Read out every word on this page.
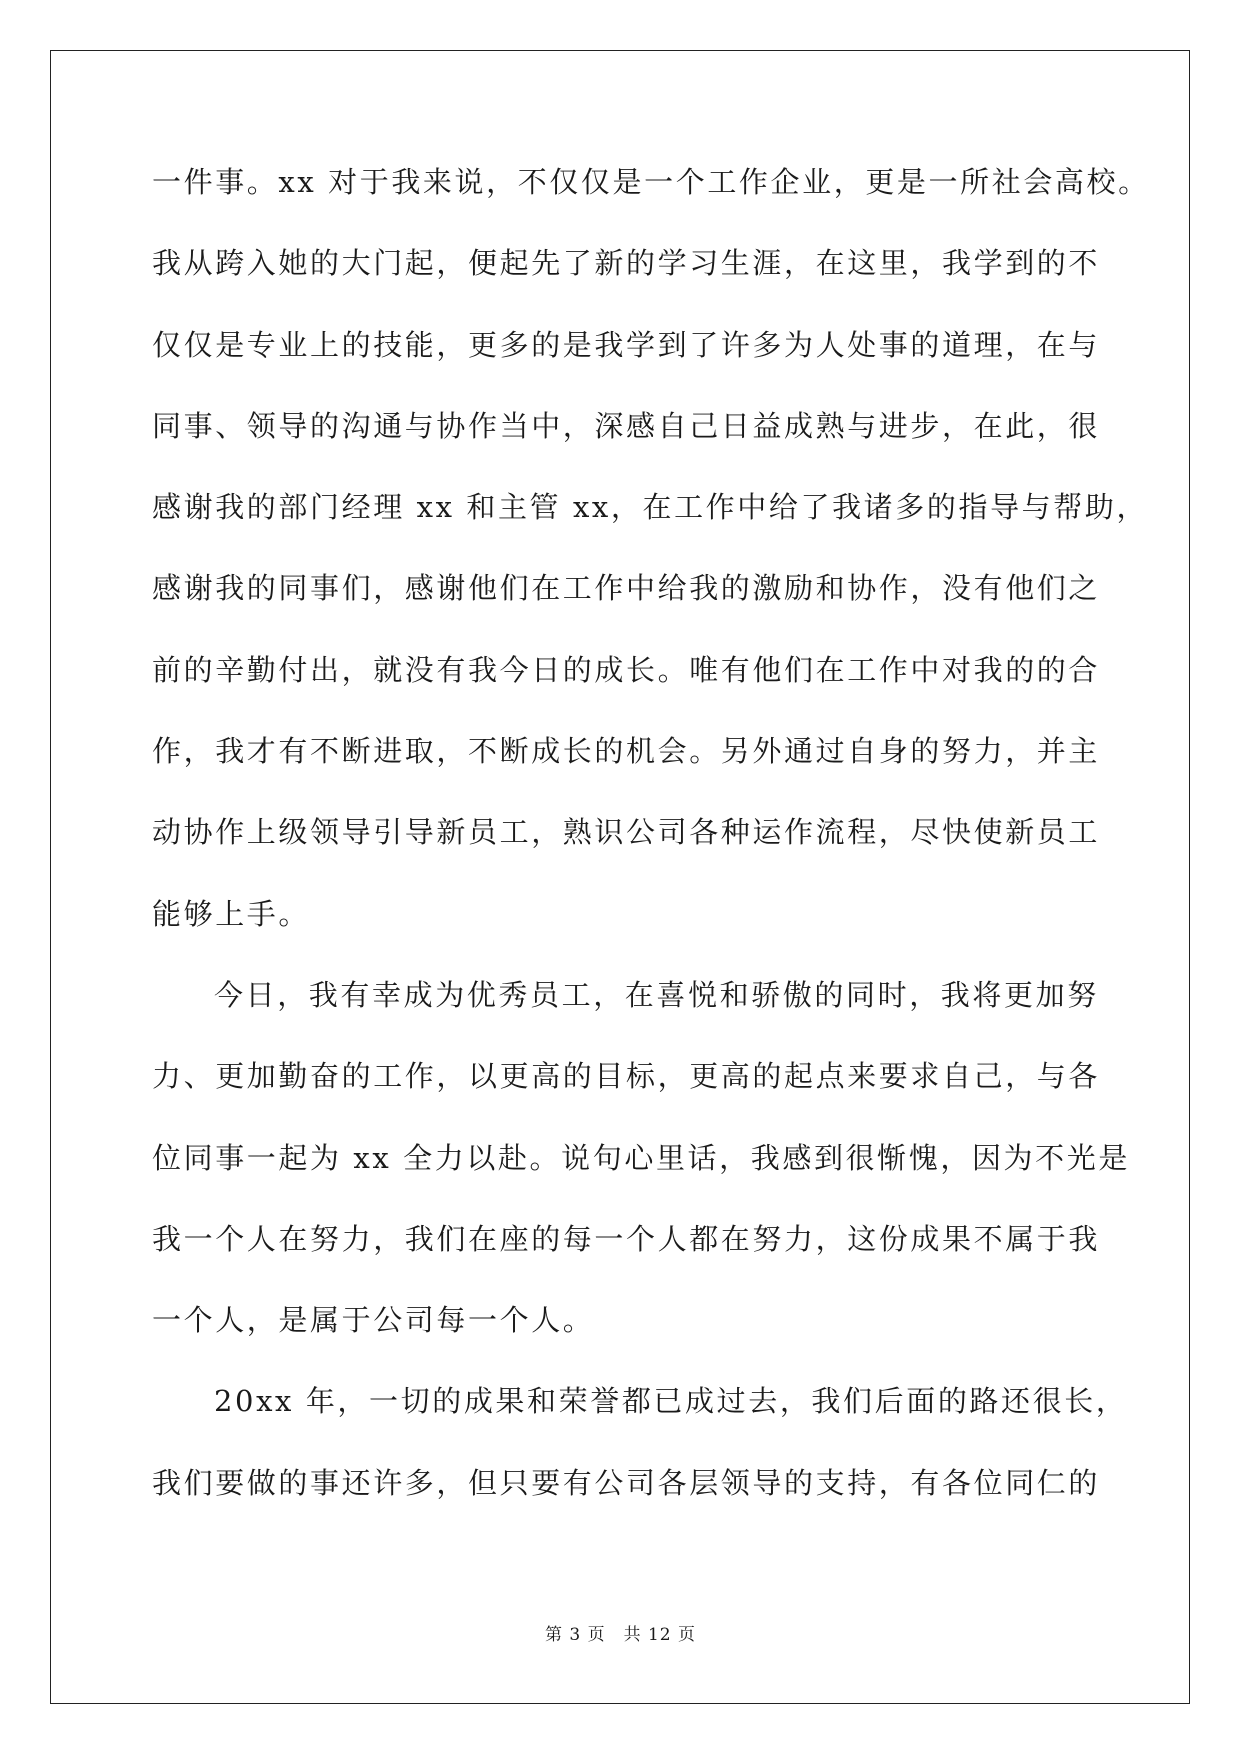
一件事。xx 对于我来说，不仅仅是一个工作企业，更是一所社会高校。
我从跨入她的大门起，便起先了新的学习生涯，在这里，我学到的不
仅仅是专业上的技能，更多的是我学到了许多为人处事的道理，在与
同事、领导的沟通与协作当中，深感自己日益成熟与进步，在此，很
感谢我的部门经理 xx 和主管 xx，在工作中给了我诸多的指导与帮助，
感谢我的同事们，感谢他们在工作中给我的激励和协作，没有他们之
前的辛勤付出，就没有我今日的成长。唯有他们在工作中对我的的合
作，我才有不断进取，不断成长的机会。另外通过自身的努力，并主
动协作上级领导引导新员工，熟识公司各种运作流程，尽快使新员工
能够上手。
今日，我有幸成为优秀员工，在喜悦和骄傲的同时，我将更加努
力、更加勤奋的工作，以更高的目标，更高的起点来要求自己，与各
位同事一起为 xx 全力以赴。说句心里话，我感到很惭愧，因为不光是
我一个人在努力，我们在座的每一个人都在努力，这份成果不属于我
一个人，是属于公司每一个人。
20xx 年，一切的成果和荣誉都已成过去，我们后面的路还很长，
我们要做的事还许多，但只要有公司各层领导的支持，有各位同仁的
第 3 页　共 12 页
